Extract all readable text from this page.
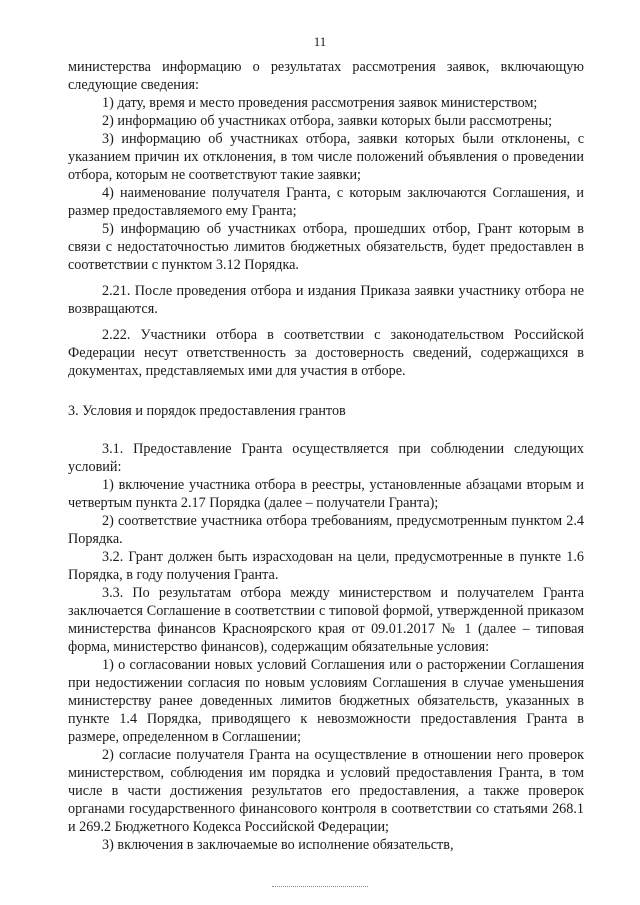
11
министерства информацию о результатах рассмотрения заявок, включающую следующие сведения:
1) дату, время и место проведения рассмотрения заявок министерством;
2) информацию об участниках отбора, заявки которых были рассмотрены;
3) информацию об участниках отбора, заявки которых были отклонены, с указанием причин их отклонения, в том числе положений объявления о проведении отбора, которым не соответствуют такие заявки;
4) наименование получателя Гранта, с которым заключаются Соглашения, и размер предоставляемого ему Гранта;
5) информацию об участниках отбора, прошедших отбор, Грант которым в связи с недостаточностью лимитов бюджетных обязательств, будет предоставлен в соответствии с пунктом 3.12 Порядка.
2.21. После проведения отбора и издания Приказа заявки участнику отбора не возвращаются.
2.22. Участники отбора в соответствии с законодательством Российской Федерации несут ответственность за достоверность сведений, содержащихся в документах, представляемых ими для участия в отборе.
3. Условия и порядок предоставления грантов
3.1. Предоставление Гранта осуществляется при соблюдении следующих условий:
1) включение участника отбора в реестры, установленные абзацами вторым и четвертым пункта 2.17 Порядка (далее – получатели Гранта);
2) соответствие участника отбора требованиям, предусмотренным пунктом 2.4 Порядка.
3.2. Грант должен быть израсходован на цели, предусмотренные в пункте 1.6 Порядка, в году получения Гранта.
3.3. По результатам отбора между министерством и получателем Гранта заключается Соглашение в соответствии с типовой формой, утвержденной приказом министерства финансов Красноярского края от 09.01.2017 № 1 (далее – типовая форма, министерство финансов), содержащим обязательные условия:
1) о согласовании новых условий Соглашения или о расторжении Соглашения при недостижении согласия по новым условиям Соглашения в случае уменьшения министерству ранее доведенных лимитов бюджетных обязательств, указанных в пункте 1.4 Порядка, приводящего к невозможности предоставления Гранта в размере, определенном в Соглашении;
2) согласие получателя Гранта на осуществление в отношении него проверок министерством, соблюдения им порядка и условий предоставления Гранта, в том числе в части достижения результатов его предоставления, а также проверок органами государственного финансового контроля в соответствии со статьями 268.1 и 269.2 Бюджетного Кодекса Российской Федерации;
3) включения в заключаемые во исполнение обязательств,
